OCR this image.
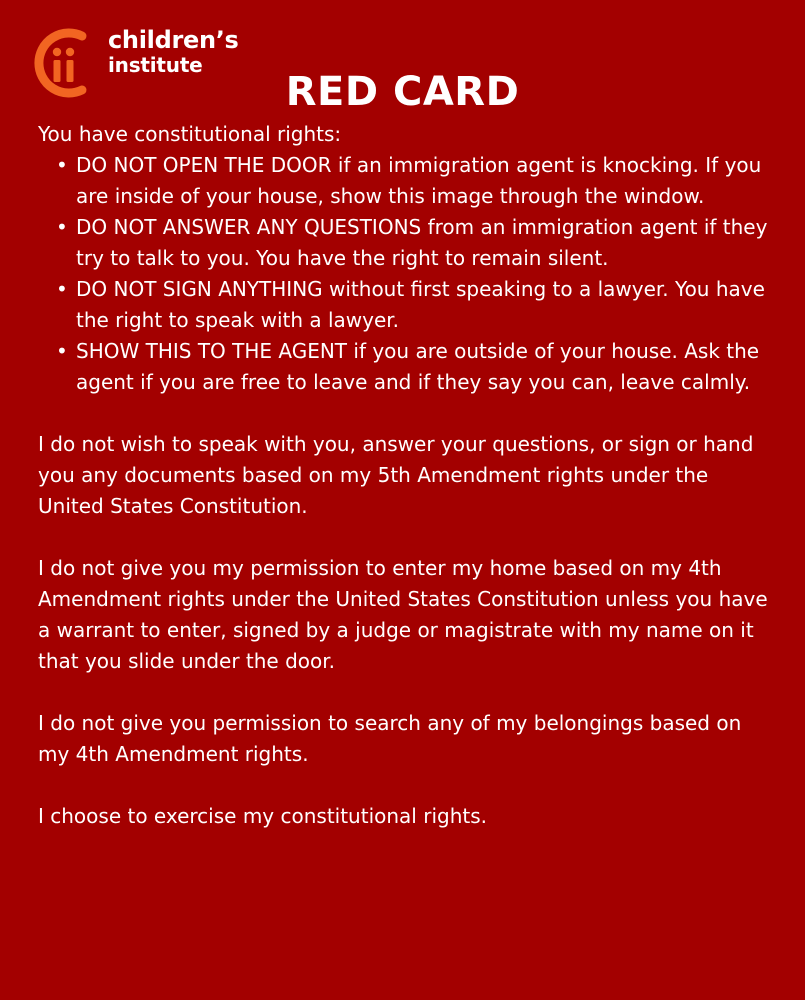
children’s
institute
RED CARD

You have constitutional rights:

• DO NOT OPEN THE DOOR if an immigration agent is knocking. If you are inside of your house, show this image through the window.
• DO NOT ANSWER ANY QUESTIONS from an immigration agent if they try to talk to you. You have the right to remain silent.
• DO NOT SIGN ANYTHING without first speaking to a lawyer. You have the right to speak with a lawyer.
• SHOW THIS TO THE AGENT if you are outside of your house. Ask the agent if you are free to leave and if they say you can, leave calmly.

I do not wish to speak with you, answer your questions, or sign or hand you any documents based on my 5th Amendment rights under the United States Constitution.

I do not give you my permission to enter my home based on my 4th Amendment rights under the United States Constitution unless you have a warrant to enter, signed by a judge or magistrate with my name on it that you slide under the door.

I do not give you permission to search any of my belongings based on my 4th Amendment rights.

I choose to exercise my constitutional rights.
